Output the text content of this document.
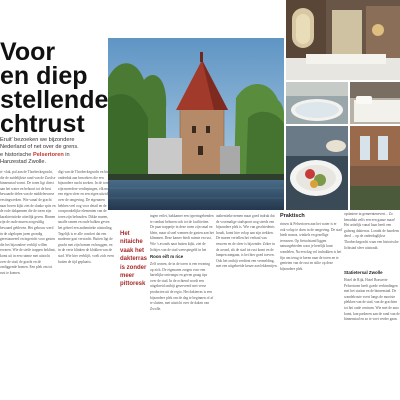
Voor
en diep
stellende
chtrust
Eruit' bezoeken we bijzondere
Nederland of net over de grens.
e historische Pelsertoren in
Hanzestad Zwolle.
rt- vlak, pal aan de Thorbeckegracht, die de zuidelijkste rand van de Zwolse binnenstad vormt. De toren ligt direct aan het water en behoort tot de best bewaarde delen van de middeleeuwse vestingwerken. Wie vanaf de gracht naar boven kijkt ziet de slanke spits en de rode dakpannen die de toren zijn karakteristieke uiterlijk geven. Binnen zijn de oude muren zorgvuldig bewaard gebleven. Het gebouw werd in de afgelopen jaren grondig gerestaureerd en ingericht voor gasten die het bijzondere verblijf willen ervaren. Wie de steile trappen beklimt, komt uit in een ruimte met uitzicht over de stad, de gracht en de omliggende bomen. Een plek om tot rust te komen.
digt van de Thorbeckegracht en biedt onderdak aan bezoekers die een bijzondere nacht zoeken. In de toren zijn meerdere verdiepingen, elk met een eigen sfeer en een eigen uitzicht over de omgeving. De eigenaren hebben veel oog voor detail en de oorspronkelijke elementen van de toren zijn behouden. Dikke muren, smalle ramen en oude balken geven het geheel een authentieke uitstraling. Tegelijk is er alle comfort dat een moderne gast verwacht. Buiten ligt de gracht met zijn bomen en bruggen, en in de verte klinken de klokken van de stad. Wie hier verblijft, voelt zich even buiten de tijd geplaatst.
Het
nitaiche
vaak het
dakterras
is zonder
meer
pittoresk
ingen veilet, bakkamer een typeringebenden te rondust behoren ook tot de faciliteiten. De paar trappetje in deze toren zijn smal en klein, maar al snel wennen de gasten aan het klimmen. Deze kamer biedt ruimte en rust. Wie 's avonds naar buiten kijkt, ziet de lichtjes van de stad weerspiegeld in het
Roon eift m rice
Zelf wonen, de in de toren is een ervaring op zich. De eigenaren zorgen voor een hartelijke ontvangst en geven graag tips over de stad. In de ochtend wordt een uitgebreid ontbijt geserveerd met verse producten uit de regio. Het dakterras is een bijzondere plek om de dag te beginnen of af te sluiten, met uitzicht over de daken van Zwolle.
authentieke nemen maar goed indruk dat de voormalige stadspoort nog steeds een bijzondere plek is. Wie van geschiedenis houdt, komt hier volop aan zijn trekken. De muren vertellen het verhaal van eeuwen en de sfeer is bijzonder. Zeker in de avond, als de stad tot rust komt en de lampen aangaan, is het hier goed toeven. Ook het ontbijt verdient een vermelding, met een uitgebreide keuze aan lekkernijen.
Praktisch
rinsen ik Pelsertoren aan het water is er ook volop te doen in de omgeving. De stad biedt musea, winkels en gezellige terrassen. Op fietsafstand liggen natuurgebieden waar je heerlijk kunt wandelen. Na een dag vol indrukken is het fijn om terug te keren naar de toren en te genieten van de rust en stilte op deze bijzondere plek.
optimiere in gemeentenevert... Zo benadukt zelfs een een gaaue maar! Het aritelijk vanaf haar heeft een gulzeag dakterras. Lonuhi de luurdens deed ... op de onderdaglijkse Thorbeckegracht waar een historische lichtstad sfeer uitstraalt.
Statietersal Zwolle
Hotel de Rijk, Hotel Brasserie Pelsertoren heeft goede verbindingen met het station en de binnenstad. De wandelroute voert langs de mooiste plekken van de stad, van de grachten tot het oude centrum. Wie met de auto komt, kan parkeren aan de rand van de binnenstad en zo te voet verder gaan.
